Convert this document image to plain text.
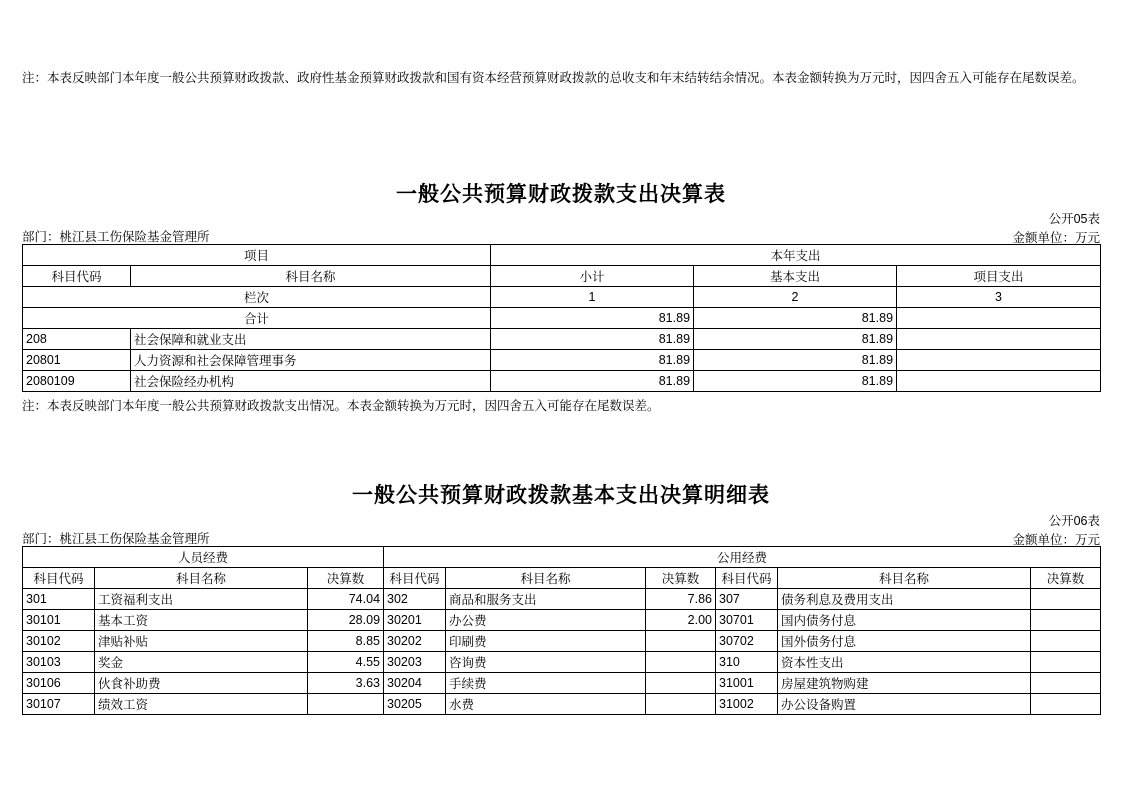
注：本表反映部门本年度一般公共预算财政拨款、政府性基金预算财政拨款和国有资本经营预算财政拨款的总收支和年末结转结余情况。本表金额转换为万元时，因四舍五入可能存在尾数误差。

一般公共预算财政拨款支出决算表
公开05表
金额单位：万元
部门：桃江县工伤保险基金管理所
项目		本年支出		
科目代码	科目名称	小计	基本支出	项目支出
栏次		1	2	3
合计		81.89	81.89	
208	社会保障和就业支出	81.89	81.89	
20801	人力资源和社会保障管理事务	81.89	81.89	
2080109	社会保险经办机构	81.89	81.89	

注：本表反映部门本年度一般公共预算财政拨款支出情况。本表金额转换为万元时，因四舍五入可能存在尾数误差。

一般公共预算财政拨款基本支出决算明细表
公开06表
金额单位：万元
部门：桃江县工伤保险基金管理所
人员经费			公用经费					
科目代码	科目名称	决算数	科目代码	科目名称	决算数	科目代码	科目名称	决算数
301	工资福利支出	74.04	302	商品和服务支出	7.86	307	债务利息及费用支出	
30101	基本工资	28.09	30201	办公费	2.00	30701	国内债务付息	
30102	津贴补贴	8.85	30202	印刷费		30702	国外债务付息	
30103	奖金	4.55	30203	咨询费		310	资本性支出	
30106	伙食补助费	3.63	30204	手续费		31001	房屋建筑物购建	
30107	绩效工资		30205	水费		31002	办公设备购置	
